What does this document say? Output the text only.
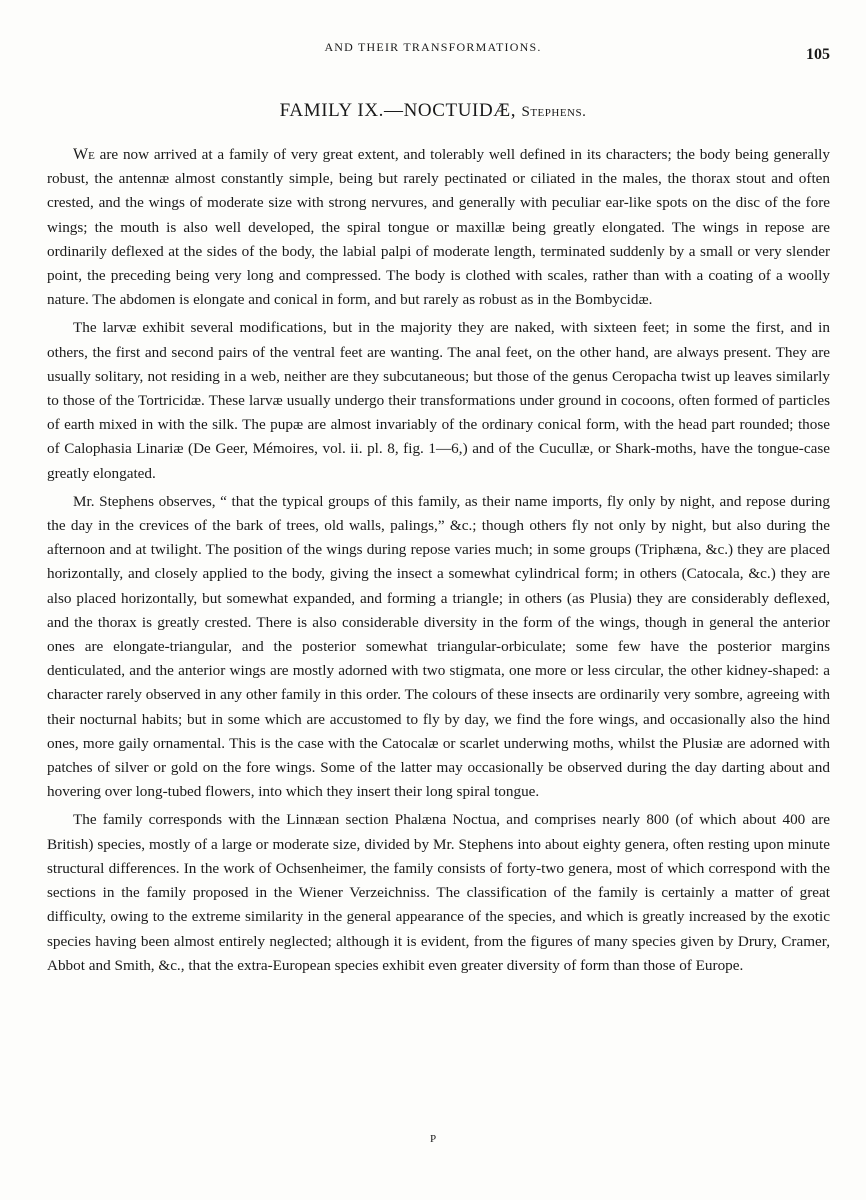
AND THEIR TRANSFORMATIONS.	105
FAMILY IX.—NOCTUIDÆ, Stephens.

We are now arrived at a family of very great extent, and tolerably well defined in its characters; the body being generally robust, the antennæ almost constantly simple, being but rarely pectinated or ciliated in the males, the thorax stout and often crested, and the wings of moderate size with strong nervures, and generally with peculiar ear-like spots on the disc of the fore wings; the mouth is also well developed, the spiral tongue or maxillæ being greatly elongated. The wings in repose are ordinarily deflexed at the sides of the body, the labial palpi of moderate length, terminated suddenly by a small or very slender point, the preceding being very long and compressed. The body is clothed with scales, rather than with a coating of a woolly nature. The abdomen is elongate and conical in form, and but rarely as robust as in the Bombycidæ.

The larvæ exhibit several modifications, but in the majority they are naked, with sixteen feet; in some the first, and in others, the first and second pairs of the ventral feet are wanting. The anal feet, on the other hand, are always present. They are usually solitary, not residing in a web, neither are they subcutaneous; but those of the genus Ceropacha twist up leaves similarly to those of the Tortricidæ. These larvæ usually undergo their transformations under ground in cocoons, often formed of particles of earth mixed in with the silk. The pupæ are almost invariably of the ordinary conical form, with the head part rounded; those of Calophasia Linariæ (De Geer, Mémoires, vol. ii. pl. 8, fig. 1—6,) and of the Cucullæ, or Shark-moths, have the tongue-case greatly elongated.

Mr. Stephens observes, “ that the typical groups of this family, as their name imports, fly only by night, and repose during the day in the crevices of the bark of trees, old walls, palings,” &c.; though others fly not only by night, but also during the afternoon and at twilight. The position of the wings during repose varies much; in some groups (Triphæna, &c.) they are placed horizontally, and closely applied to the body, giving the insect a somewhat cylindrical form; in others (Catocala, &c.) they are also placed horizontally, but somewhat expanded, and forming a triangle; in others (as Plusia) they are considerably deflexed, and the thorax is greatly crested. There is also considerable diversity in the form of the wings, though in general the anterior ones are elongate-triangular, and the posterior somewhat triangular-orbiculate; some few have the posterior margins denticulated, and the anterior wings are mostly adorned with two stigmata, one more or less circular, the other kidney-shaped: a character rarely observed in any other family in this order. The colours of these insects are ordinarily very sombre, agreeing with their nocturnal habits; but in some which are accustomed to fly by day, we find the fore wings, and occasionally also the hind ones, more gaily ornamental. This is the case with the Catocalæ or scarlet underwing moths, whilst the Plusiæ are adorned with patches of silver or gold on the fore wings. Some of the latter may occasionally be observed during the day darting about and hovering over long-tubed flowers, into which they insert their long spiral tongue.

The family corresponds with the Linnæan section Phalæna Noctua, and comprises nearly 800 (of which about 400 are British) species, mostly of a large or moderate size, divided by Mr. Stephens into about eighty genera, often resting upon minute structural differences. In the work of Ochsenheimer, the family consists of forty-two genera, most of which correspond with the sections in the family proposed in the Wiener Verzeichniss. The classification of the family is certainly a matter of great difficulty, owing to the extreme similarity in the general appearance of the species, and which is greatly increased by the exotic species having been almost entirely neglected; although it is evident, from the figures of many species given by Drury, Cramer, Abbot and Smith, &c., that the extra-European species exhibit even greater diversity of form than those of Europe.

P
